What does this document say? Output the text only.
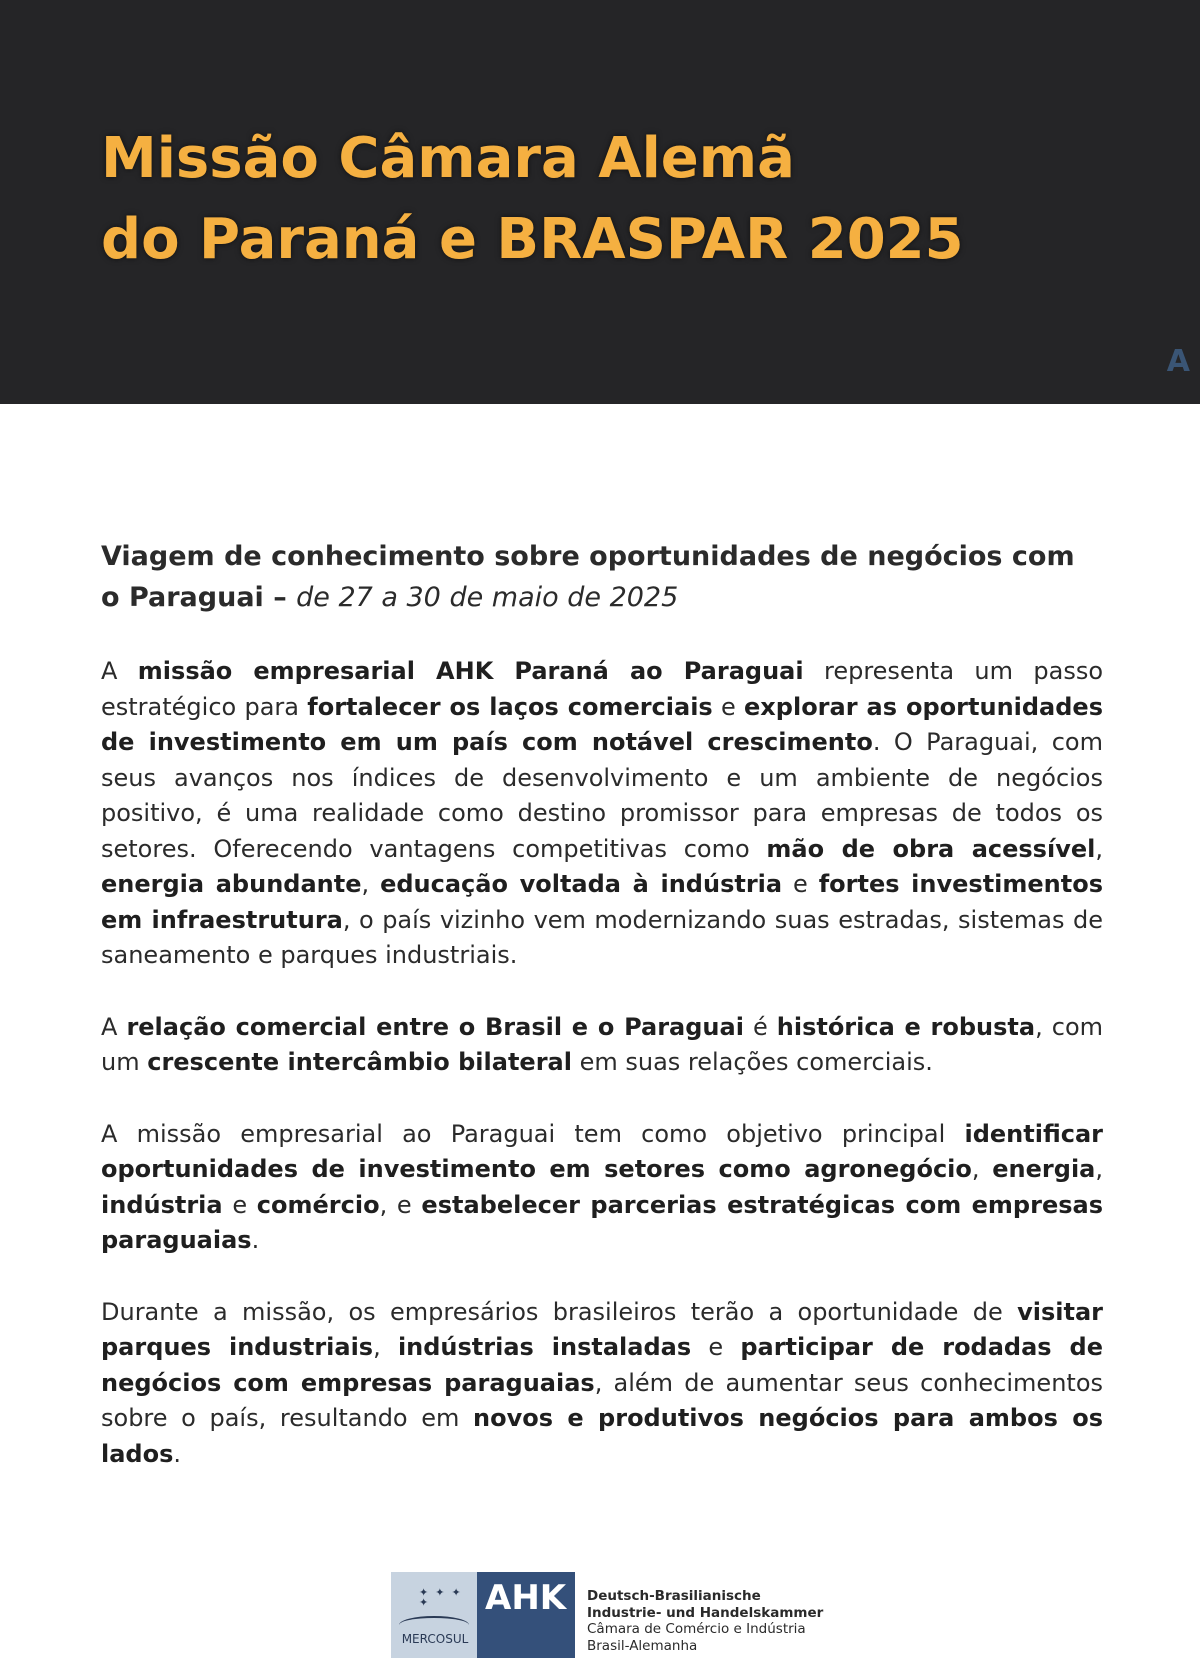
Missão Câmara Alemã
do Paraná e BRASPAR 2025
A
Viagem de conhecimento sobre oportunidades de negócios com o Paraguai – de 27 a 30 de maio de 2025

A missão empresarial AHK Paraná ao Paraguai representa um passo estratégico para fortalecer os laços comerciais e explorar as oportunidades de investimento em um país com notável crescimento. O Paraguai, com seus avanços nos índices de desenvolvimento e um ambiente de negócios positivo, é uma realidade como destino promissor para empresas de todos os setores. Oferecendo vantagens competitivas como mão de obra acessível, energia abundante, educação voltada à indústria e fortes investimentos em infraestrutura, o país vizinho vem modernizando suas estradas, sistemas de saneamento e parques industriais.

A relação comercial entre o Brasil e o Paraguai é histórica e robusta, com um crescente intercâmbio bilateral em suas relações comerciais.

A missão empresarial ao Paraguai tem como objetivo principal identificar oportunidades de investimento em setores como agronegócio, energia, indústria e comércio, e estabelecer parcerias estratégicas com empresas paraguaias.

Durante a missão, os empresários brasileiros terão a oportunidade de visitar parques industriais, indústrias instaladas e participar de rodadas de negócios com empresas paraguaias, além de aumentar seus conhecimentos sobre o país, resultando em novos e produtivos negócios para ambos os lados.

✦ ✦ ✦ ✦
MERCOSUL
AHK Deutsch-Brasilianische
Industrie- und Handelskammer
Câmara de Comércio e Indústria
Brasil-Alemanha
